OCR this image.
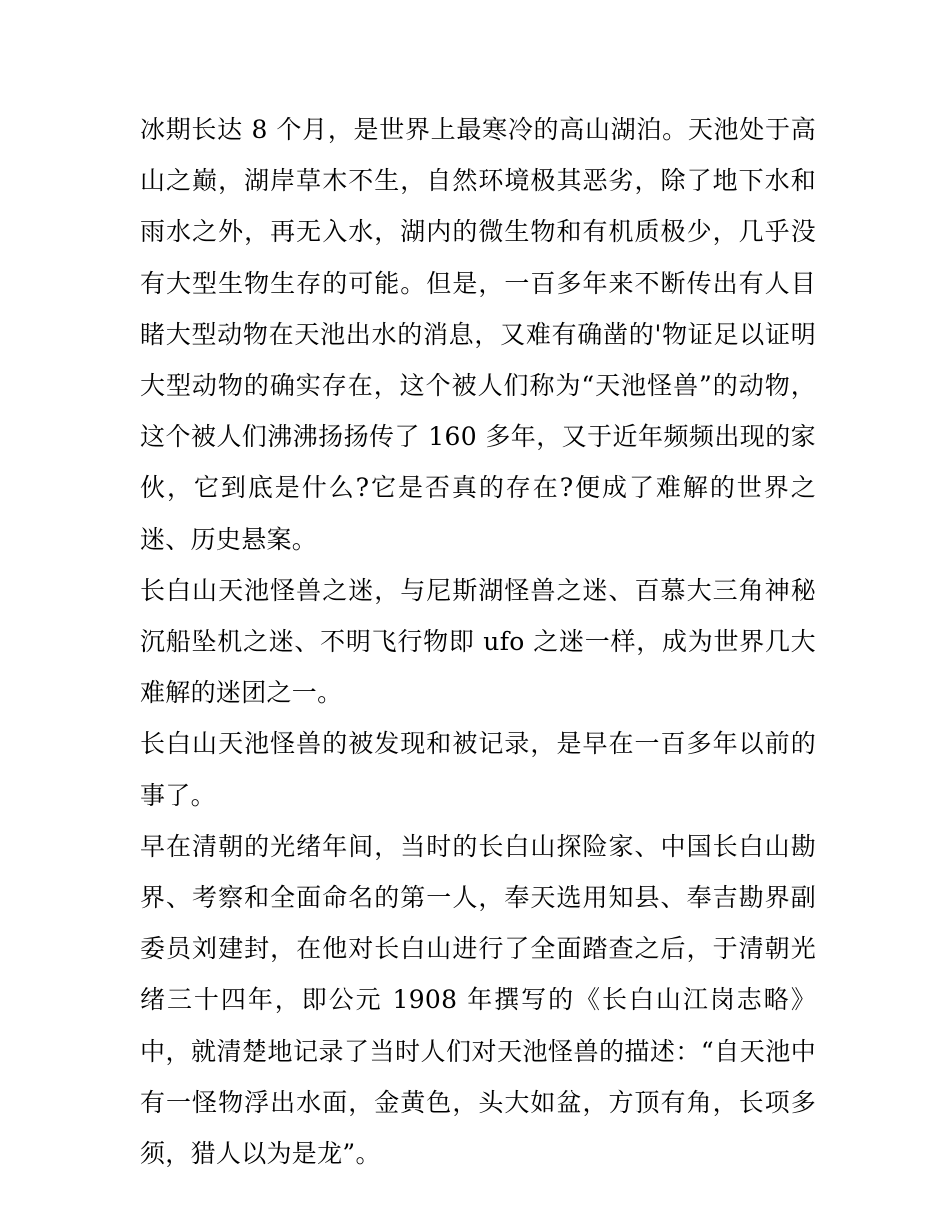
冰期长达 8 个月，是世界上最寒冷的高山湖泊。天池处于高山之巅，湖岸草木不生，自然环境极其恶劣，除了地下水和雨水之外，再无入水，湖内的微生物和有机质极少，几乎没有大型生物生存的可能。但是，一百多年来不断传出有人目睹大型动物在天池出水的消息，又难有确凿的'物证足以证明大型动物的确实存在，这个被人们称为“天池怪兽”的动物，这个被人们沸沸扬扬传了 160 多年，又于近年频频出现的家伙，它到底是什么?它是否真的存在?便成了难解的世界之迷、历史悬案。

长白山天池怪兽之迷，与尼斯湖怪兽之迷、百慕大三角神秘沉船坠机之迷、不明飞行物即 ufo 之迷一样，成为世界几大难解的迷团之一。

长白山天池怪兽的被发现和被记录，是早在一百多年以前的事了。

早在清朝的光绪年间，当时的长白山探险家、中国长白山勘界、考察和全面命名的第一人，奉天选用知县、奉吉勘界副委员刘建封，在他对长白山进行了全面踏查之后，于清朝光绪三十四年，即公元 1908 年撰写的《长白山江岗志略》中，就清楚地记录了当时人们对天池怪兽的描述：“自天池中有一怪物浮出水面，金黄色，头大如盆，方顶有角，长项多须，猎人以为是龙”。
